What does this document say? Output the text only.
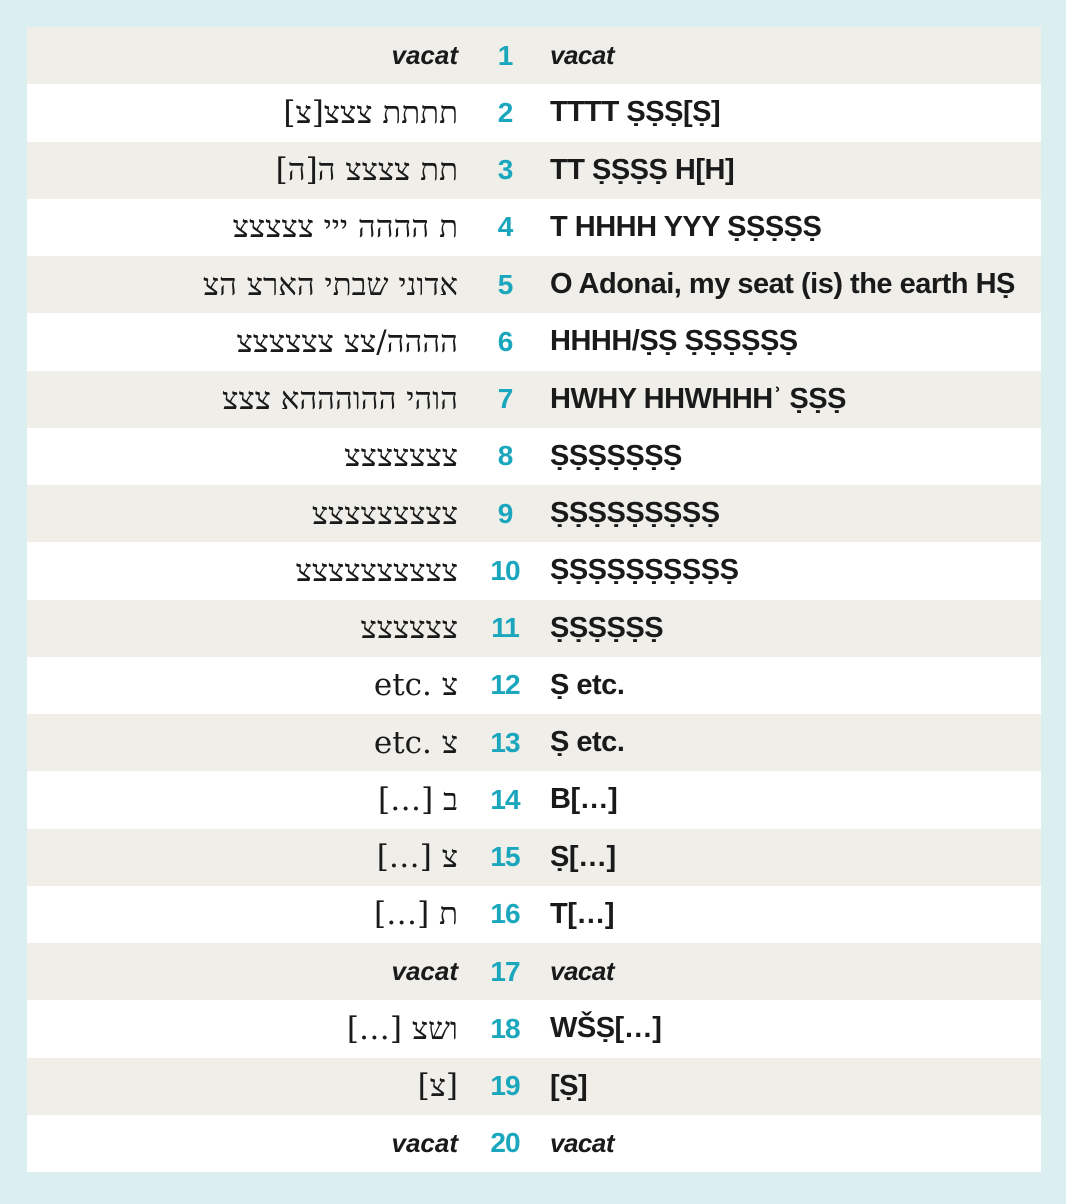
vacat	1	vacat
תתתת צצצ[צ]	2	TTTT ṢṢṢ[Ṣ]
תת צצצצ ה[ה]	3	TT ṢṢṢṢ H[H]
ת הההה ייי צצצצצ	4	T HHHH YYY ṢṢṢṢṢ
אדוני שבתי הארצ הצ	5	O Adonai, my seat (is) the earth HṢ
הההה/צצ צצצצצצ	6	HHHH/ṢṢ ṢṢṢṢṢṢ
הוהי ההוהההא צצצ	7	HWHY HHWHHHʾ ṢṢṢ
צצצצצצצ	8	ṢṢṢṢṢṢṢ
צצצצצצצצצ	9	ṢṢṢṢṢṢṢṢṢ
צצצצצצצצצצ	10	ṢṢṢṢṢṢṢṢṢṢ
צצצצצצ	11	ṢṢṢṢṢṢ
etc. צ	12	Ṣ etc.
etc. צ	13	Ṣ etc.
[…] ב	14	B[…]
[…] צ	15	Ṣ[…]
[…] ת	16	T[…]
vacat	17	vacat
ושצ […]	18	WŠṢ[…]
[צ]	19	[Ṣ]
vacat	20	vacat
